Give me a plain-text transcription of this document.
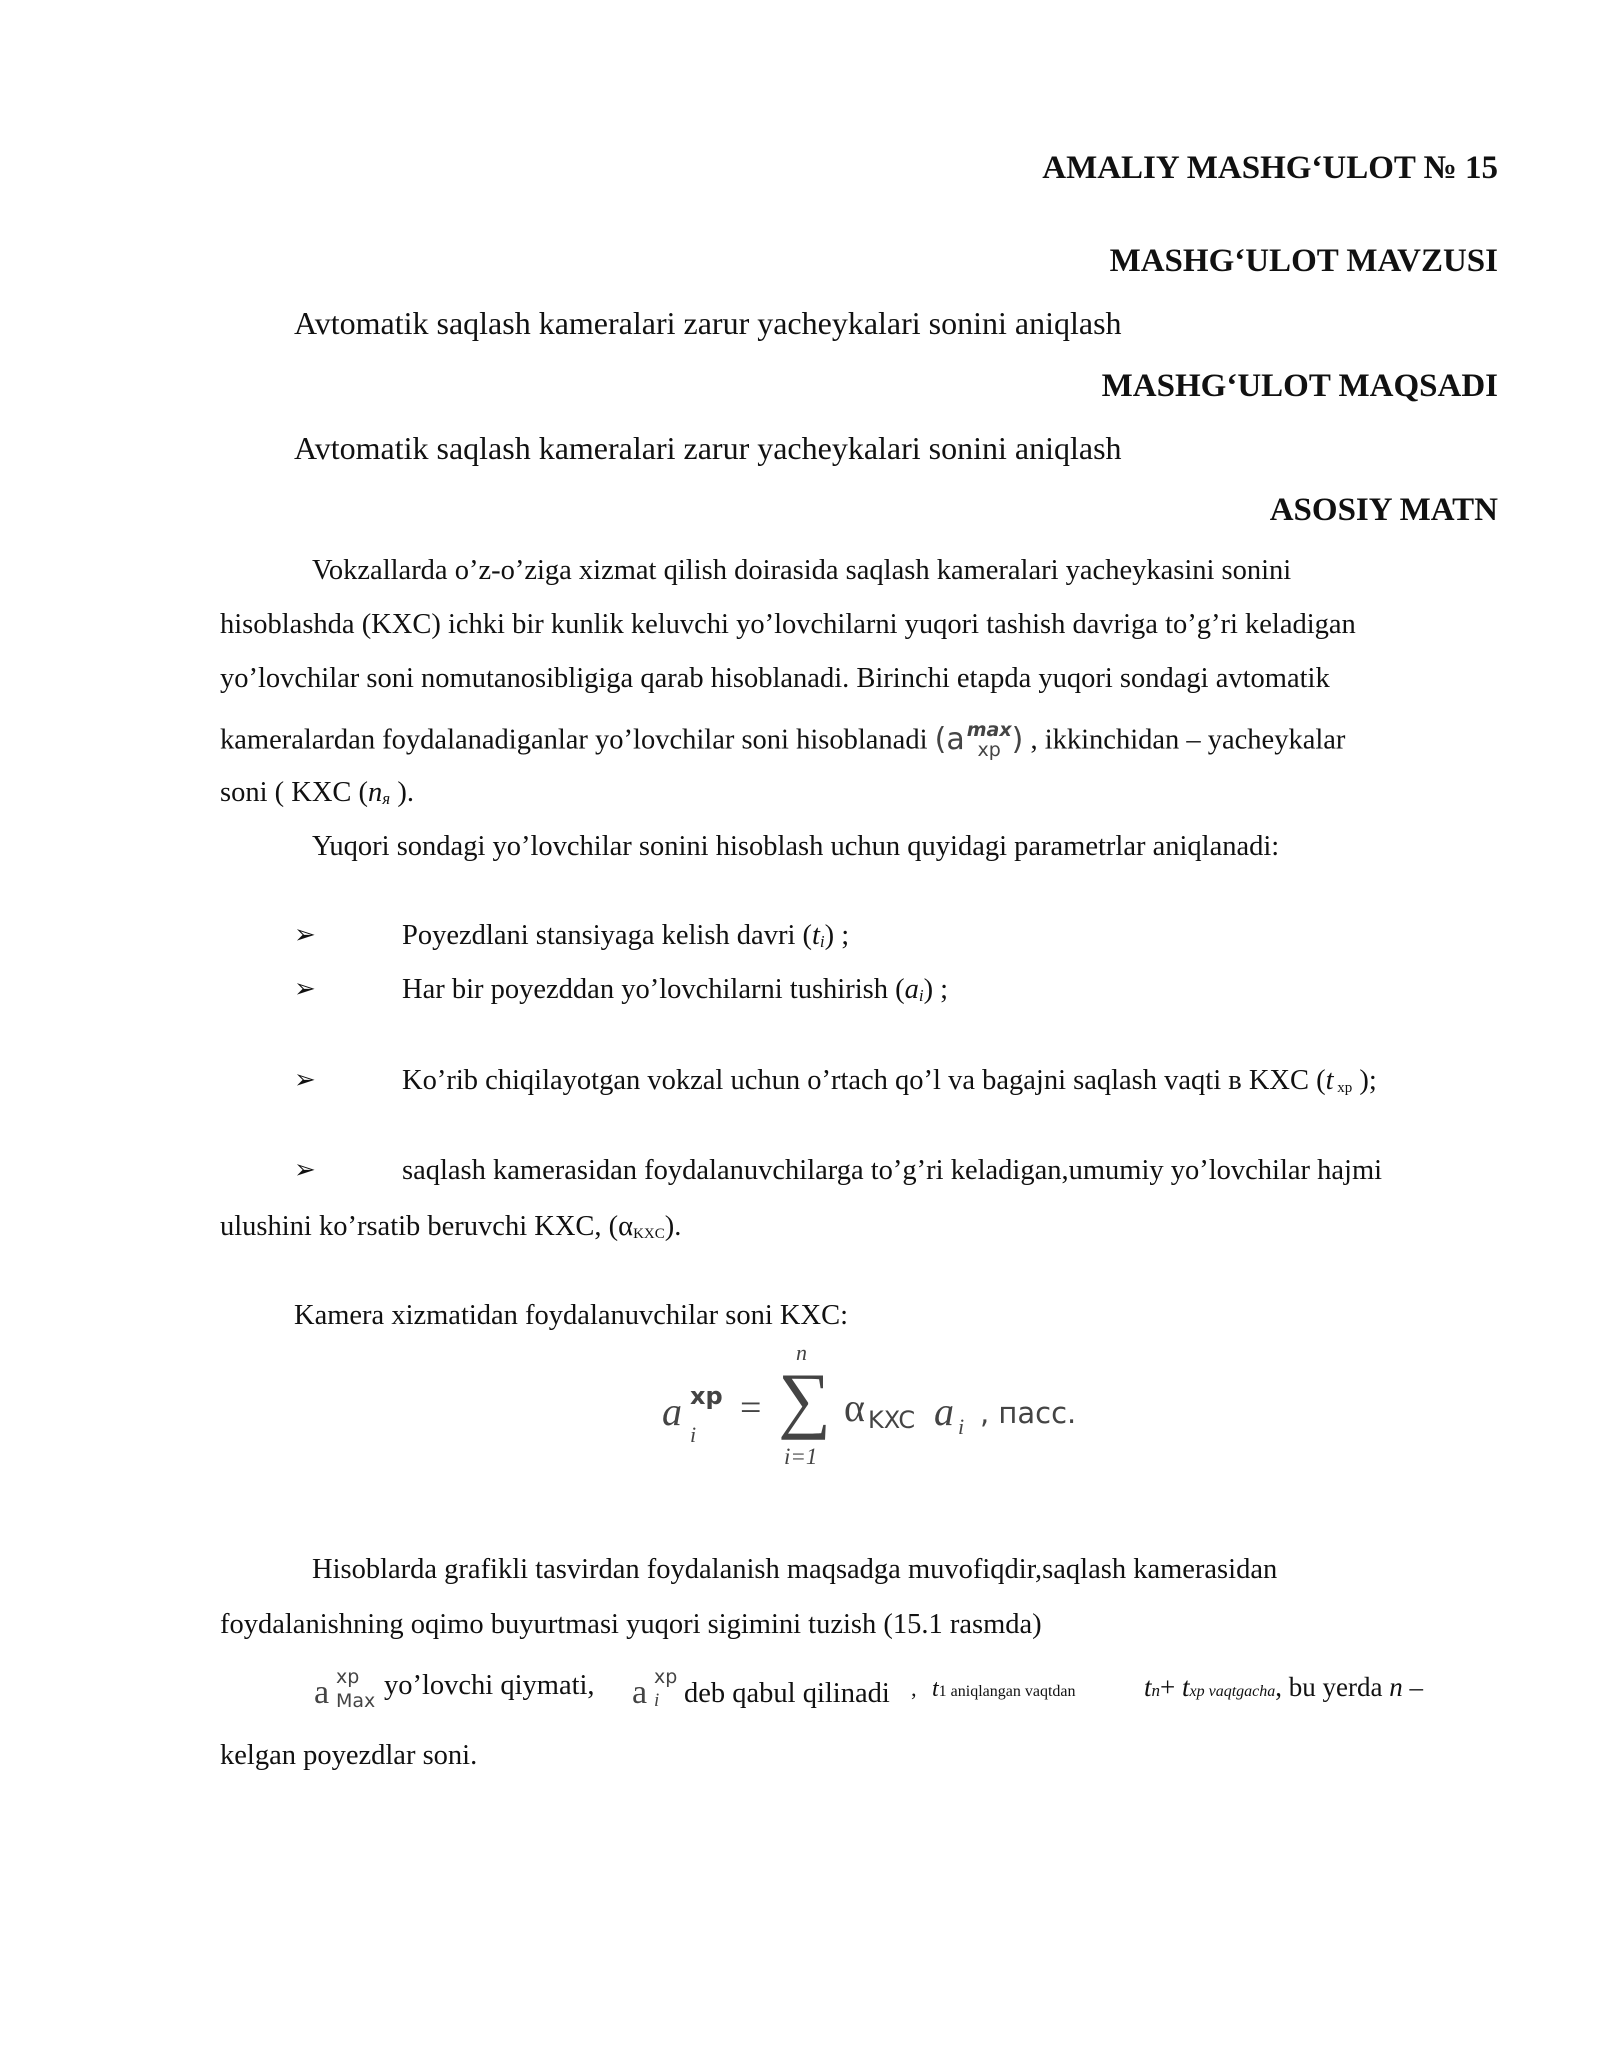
AMALIY MASHG‘ULOT № 15
MASHG‘ULOT MAVZUSI
Avtomatik saqlash kameralari zarur yacheykalari sonini aniqlash
MASHG‘ULOT MAQSADI
Avtomatik saqlash kameralari zarur yacheykalari sonini aniqlash
ASOSIY MATN
Vokzallarda o’z-o’ziga xizmat qilish doirasida saqlash kameralari yacheykasini sonini
hisoblashda (KXC) ichki bir kunlik keluvchi yo’lovchilarni yuqori tashish davriga to’g’ri keladigan
yo’lovchilar soni nomutanosibligiga qarab hisoblanadi. Birinchi etapda yuqori sondagi avtomatik
kameralardan foydalanadiganlar yo’lovchilar soni hisoblanadi (a max
xp ) , ikkinchidan – yacheykalar
soni ( KXC (nя ).
Yuqori sondagi yo’lovchilar sonini hisoblash uchun quyidagi parametrlar aniqlanadi:
➢	Poyezdlani stansiyaga kelish davri (ti) ;
➢	Har bir poyezddan yo’lovchilarni tushirish (ai) ;
➢	Ko’rib chiqilayotgan vokzal uchun o’rtach qo’l va bagajni saqlash vaqti в KXC (t $_{xp}$ );
➢	saqlash kamerasidan foydalanuvchilarga to’g’ri keladigan,umumiy yo’lovchilar hajmi
ulushini ko’rsatib beruvchi KXC, $(\alpha_{KXC})$.
Kamera xizmatidan foydalanuvchilar soni KXC:
a xp
i
=
n
∑
i=1
α KXC a i , пасс.
Hisoblarda grafikli tasvirdan foydalanish maqsadga muvofiqdir,saqlash kamerasidan
foydalanishning oqimo buyurtmasi yuqori sigimini tuzish (15.1 rasmda)
a xp
Max yo’lovchi qiymati, a xp
i deb qabul qilinadi ‚ t1 aniqlangan vaqtdan	tn+ txp vaqtgacha, bu yerda n –
kelgan poyezdlar soni.
